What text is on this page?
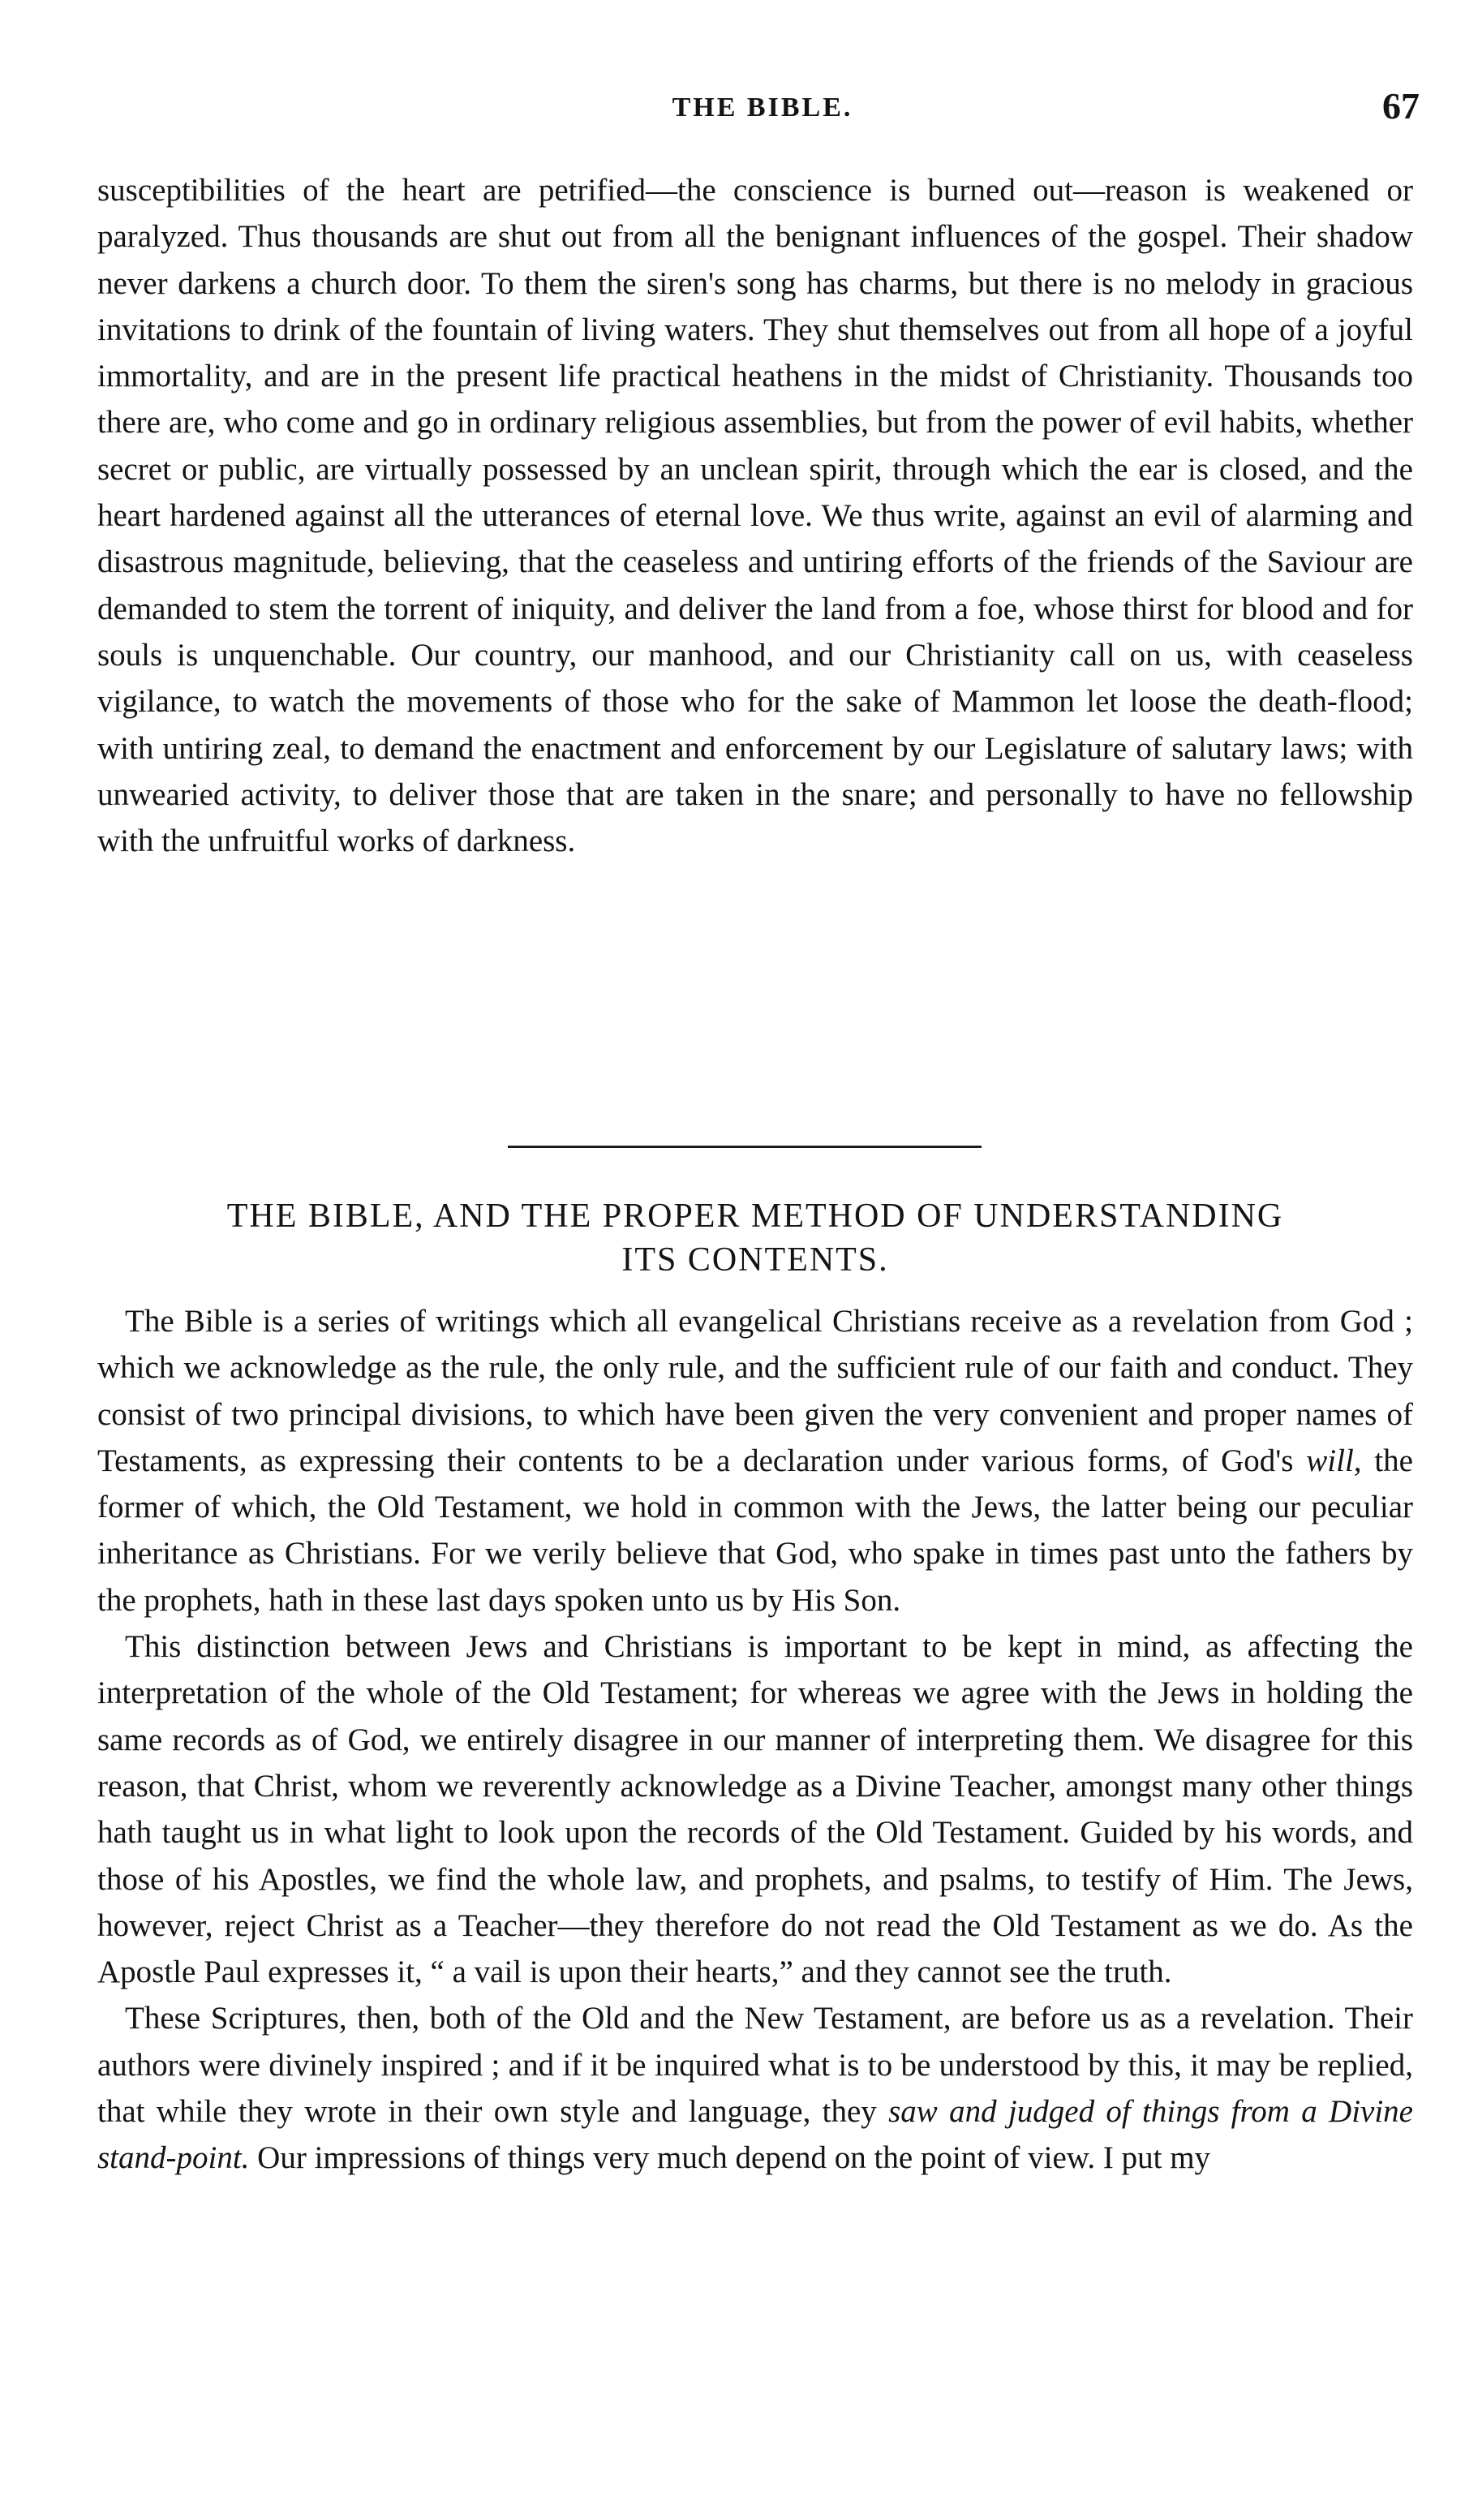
THE BIBLE.	67

susceptibilities of the heart are petrified—the conscience is burned out—reason is weakened or paralyzed. Thus thousands are shut out from all the benignant influences of the gospel. Their shadow never darkens a church door. To them the siren's song has charms, but there is no melody in gracious invitations to drink of the fountain of living waters. They shut themselves out from all hope of a joyful immortality, and are in the present life practical heathens in the midst of Christianity. Thousands too there are, who come and go in ordinary religious assemblies, but from the power of evil habits, whether secret or public, are virtually possessed by an unclean spirit, through which the ear is closed, and the heart hardened against all the utterances of eternal love. We thus write, against an evil of alarming and disastrous magnitude, believing, that the ceaseless and untiring efforts of the friends of the Saviour are demanded to stem the torrent of iniquity, and deliver the land from a foe, whose thirst for blood and for souls is unquenchable. Our country, our manhood, and our Christianity call on us, with ceaseless vigilance, to watch the movements of those who for the sake of Mammon let loose the death-flood; with untiring zeal, to demand the enactment and enforcement by our Legislature of salutary laws; with unwearied activity, to deliver those that are taken in the snare; and personally to have no fellowship with the unfruitful works of darkness.

THE BIBLE, AND THE PROPER METHOD OF UNDERSTANDING
ITS CONTENTS.

The Bible is a series of writings which all evangelical Christians receive as a revelation from God ; which we acknowledge as the rule, the only rule, and the sufficient rule of our faith and conduct. They consist of two principal divisions, to which have been given the very convenient and proper names of Testaments, as expressing their contents to be a declaration under various forms, of God's will, the former of which, the Old Testament, we hold in common with the Jews, the latter being our peculiar inheritance as Christians. For we verily believe that God, who spake in times past unto the fathers by the prophets, hath in these last days spoken unto us by His Son.

This distinction between Jews and Christians is important to be kept in mind, as affecting the interpretation of the whole of the Old Testament; for whereas we agree with the Jews in holding the same records as of God, we entirely disagree in our manner of interpreting them. We disagree for this reason, that Christ, whom we reverently acknowledge as a Divine Teacher, amongst many other things hath taught us in what light to look upon the records of the Old Testament. Guided by his words, and those of his Apostles, we find the whole law, and prophets, and psalms, to testify of Him. The Jews, however, reject Christ as a Teacher—they therefore do not read the Old Testament as we do. As the Apostle Paul expresses it, “ a vail is upon their hearts,” and they cannot see the truth.

These Scriptures, then, both of the Old and the New Testament, are before us as a revelation. Their authors were divinely inspired ; and if it be inquired what is to be understood by this, it may be replied, that while they wrote in their own style and language, they saw and judged of things from a Divine stand-point. Our impressions of things very much depend on the point of view. I put my
